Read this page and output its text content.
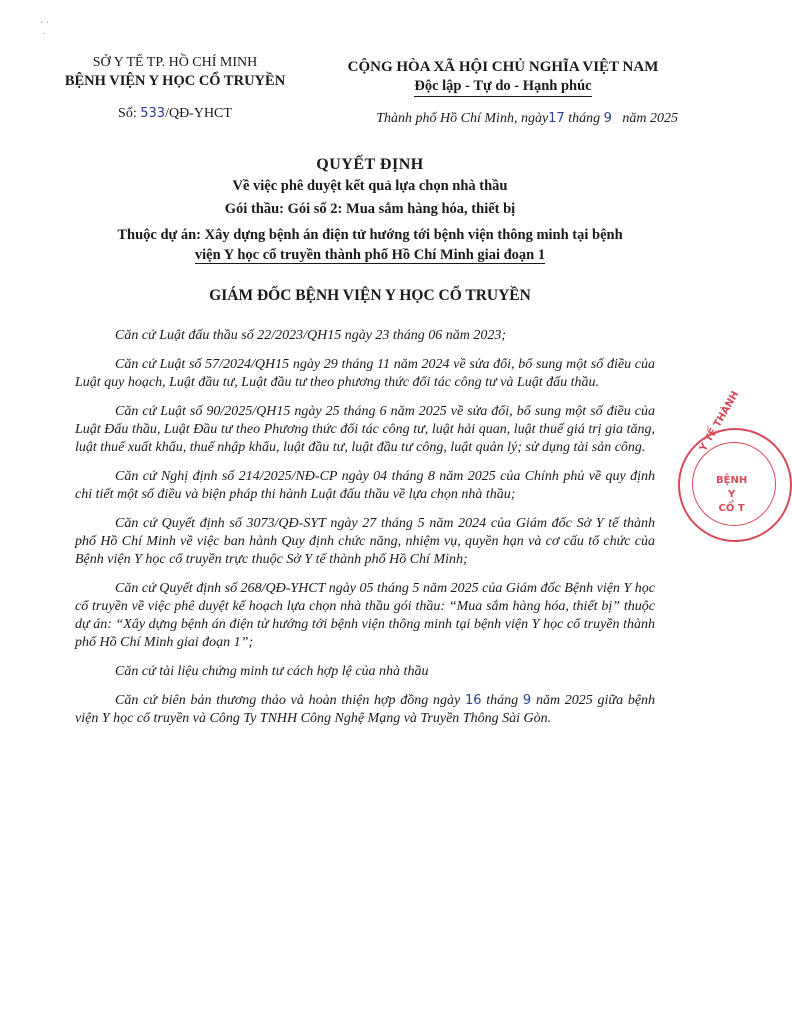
· ·
·
SỞ Y TẾ TP. HỒ CHÍ MINH
BỆNH VIỆN Y HỌC CỔ TRUYỀN
Số: 533/QĐ-YHCT
CỘNG HÒA XÃ HỘI CHỦ NGHĨA VIỆT NAM
Độc lập - Tự do - Hạnh phúc
Thành phố Hồ Chí Minh, ngày17 tháng 9 năm 2025
QUYẾT ĐỊNH
Về việc phê duyệt kết quả lựa chọn nhà thầu
Gói thầu: Gói số 2: Mua sắm hàng hóa, thiết bị
Thuộc dự án: Xây dựng bệnh án điện tử hướng tới bệnh viện thông minh tại bệnh
viện Y học cổ truyền thành phố Hồ Chí Minh giai đoạn 1
GIÁM ĐỐC BỆNH VIỆN Y HỌC CỔ TRUYỀN

Căn cứ Luật đấu thầu số 22/2023/QH15 ngày 23 tháng 06 năm 2023;

Căn cứ Luật số 57/2024/QH15 ngày 29 tháng 11 năm 2024 về sửa đổi, bổ sung một số điều của Luật quy hoạch, Luật đầu tư, Luật đầu tư theo phương thức đối tác công tư và Luật đấu thầu.

Căn cứ Luật số 90/2025/QH15 ngày 25 tháng 6 năm 2025 về sửa đổi, bổ sung một số điều của Luật Đấu thầu, Luật Đầu tư theo Phương thức đối tác công tư, luật hải quan, luật thuế giá trị gia tăng, luật thuế xuất khẩu, thuế nhập khẩu, luật đầu tư, luật đầu tư công, luật quản lý; sử dụng tài sản công.

Căn cứ Nghị định số 214/2025/NĐ-CP ngày 04 tháng 8 năm 2025 của Chính phủ về quy định chi tiết một số điều và biện pháp thi hành Luật đấu thầu về lựa chọn nhà thầu;

Căn cứ Quyết định số 3073/QĐ-SYT ngày 27 tháng 5 năm 2024 của Giám đốc Sở Y tế thành phố Hồ Chí Minh về việc ban hành Quy định chức năng, nhiệm vụ, quyền hạn và cơ cấu tổ chức của Bệnh viện Y học cổ truyền trực thuộc Sở Y tế thành phố Hồ Chí Minh;

Căn cứ Quyết định số 268/QĐ-YHCT ngày 05 tháng 5 năm 2025 của Giám đốc Bệnh viện Y học cổ truyền về việc phê duyệt kế hoạch lựa chọn nhà thầu gói thầu: “Mua sắm hàng hóa, thiết bị” thuộc dự án: “Xây dựng bệnh án điện tử hướng tới bệnh viện thông minh tại bệnh viện Y học cổ truyền thành phố Hồ Chí Minh giai đoạn 1”;

Căn cứ tài liệu chứng minh tư cách hợp lệ của nhà thầu

Căn cứ biên bản thương thảo và hoàn thiện hợp đồng ngày 16 tháng 9 năm 2025 giữa bệnh viện Y học cổ truyền và Công Ty TNHH Công Nghệ Mạng và Truyền Thông Sài Gòn.

Y TẾ THÀNH
BỆNH
Y
CỔ T
